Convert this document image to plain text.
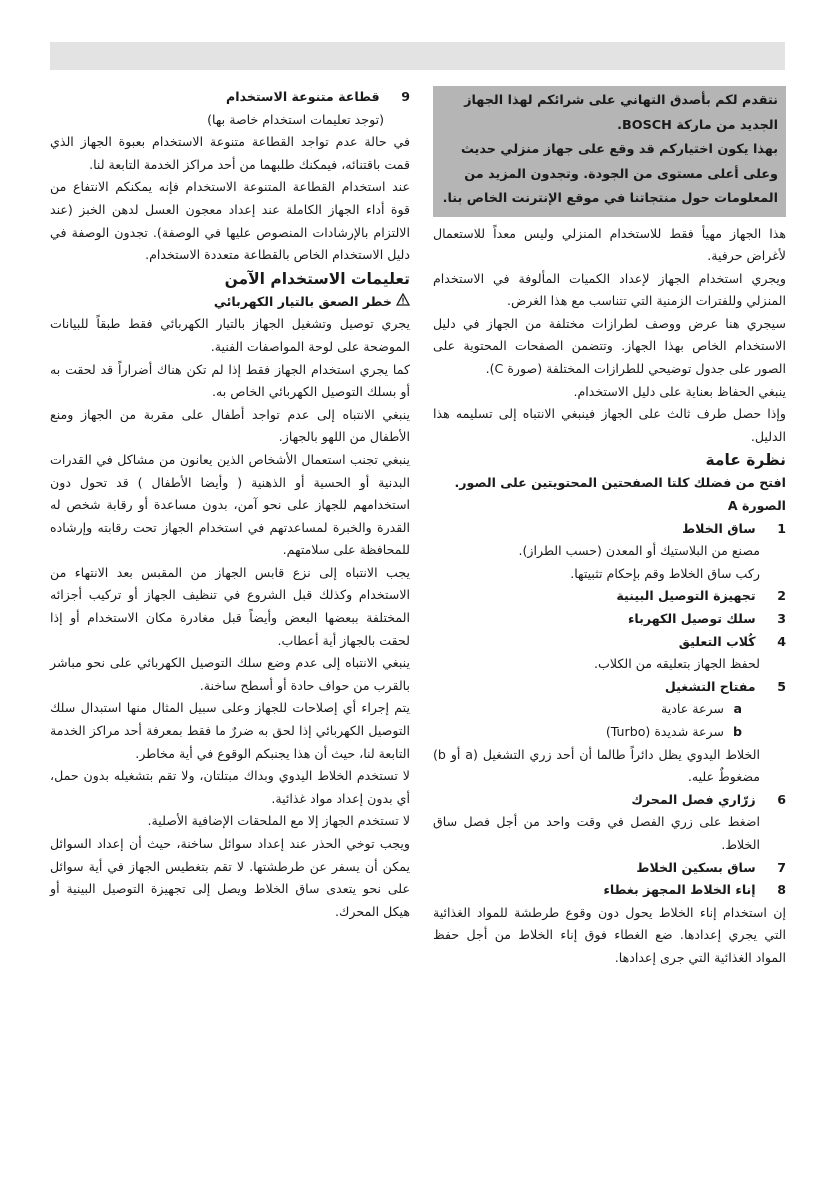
نتقدم لكم بأصدق التهاني على شرائكم لهذا الجهاز

الجديد من ماركة BOSCH.

بهذا يكون اختياركم قد وقع على جهاز منزلي حديث

وعلى أعلى مستوى من الجودة. وتجدون المزيد من

المعلومات حول منتجاتنا في موقع الإنترنت الخاص بنا.

هذا الجهاز مهيأ فقط للاستخدام المنزلي وليس معداً للاستعمال لأغراض حرفية.

ويجري استخدام الجهاز لإعداد الكميات المألوفة في الاستخدام المنزلي وللفترات الزمنية التي تتناسب مع هذا الغرض.

سيجري هنا عرض ووصف لطرازات مختلفة من الجهاز في دليل الاستخدام الخاص بهذا الجهاز. وتتضمن الصفحات المحتوية على الصور على جدول توضيحي للطرازات المختلفة (صورة C).

ينبغي الحفاظ بعناية على دليل الاستخدام.

وإذا حصل طرف ثالث على الجهاز فينبغي الانتباه إلى تسليمه هذا الدليل.

نظرة عامة

افتح من فضلك كلتا الصفحتين المحتويتين على الصور.

الصورة A

1 ساق الخلاط

مصنع من البلاستيك أو المعدن (حسب الطراز).

ركب ساق الخلاط وقم بإحكام تثبيتها.

2 تجهيزة التوصيل البينية

3 سلك توصيل الكهرباء

4 كُلاب التعليق

لحفظ الجهاز بتعليقه من الكلاب.

5 مفتاح التشغيل

aسرعة عادية

bسرعة شديدة (Turbo)

الخلاط اليدوي يظل دائراً طالما أن أحد زري التشغيل (a أو b) مضغوطٌ عليه.

6 زرّاري فصل المحرك

اضغط على زري الفصل في وقت واحد من أجل فصل ساق الخلاط.

7 ساق بسكين الخلاط

8 إناء الخلاط المجهز بغطاء

إن استخدام إناء الخلاط يحول دون وقوع طرطشة للمواد الغذائية التي يجري إعدادها. ضع الغطاء فوق إناء الخلاط من أجل حفظ المواد الغذائية التي جرى إعدادها.

9 قطاعة متنوعة الاستخدام

(توجد تعليمات استخدام خاصة بها)

في حالة عدم تواجد القطاعة متنوعة الاستخدام بعبوة الجهاز الذي قمت باقتنائه، فيمكنك طلبهما من أحد مراكز الخدمة التابعة لنا.

عند استخدام القطاعة المتنوعة الاستخدام فإنه يمكنكم الانتفاع من قوة أداء الجهاز الكاملة عند إعداد معجون العسل لدهن الخبز (عند الالتزام بالإرشادات المنصوص عليها في الوصفة). تجدون الوصفة في دليل الاستخدام الخاص بالقطاعة متعددة الاستخدام.

تعليمات الاستخدام الآمن

خطر الصعق بالتيار الكهربائي

يجري توصيل وتشغيل الجهاز بالتيار الكهربائي فقط طبقاً للبيانات الموضحة على لوحة المواصفات الفنية.

كما يجري استخدام الجهاز فقط إذا لم تكن هناك أضراراً قد لحقت به أو بسلك التوصيل الكهربائي الخاص به.

ينبغي الانتباه إلى عدم تواجد أطفال على مقربة من الجهاز ومنع الأطفال من اللهو بالجهاز.

ينبغي تجنب استعمال الأشخاص الذين يعانون من مشاكل في القدرات البدنية أو الحسية أو الذهنية ( وأيضا الأطفال ) قد تحول دون استخدامهم للجهاز على نحو آمن، بدون مساعدة أو رقابة شخص له القدرة والخبرة لمساعدتهم في استخدام الجهاز تحت رقابته وإرشاده للمحافظة على سلامتهم.

يجب الانتباه إلى نزع قابس الجهاز من المقبس بعد الانتهاء من الاستخدام وكذلك قبل الشروع في تنظيف الجهاز أو تركيب أجزائه المختلفة ببعضها البعض وأيضاً قبل مغادرة مكان الاستخدام أو إذا لحقت بالجهاز أية أعطاب.

ينبغي الانتباه إلى عدم وضع سلك التوصيل الكهربائي على نحو مباشر بالقرب من حواف حادة أو أسطح ساخنة.

يتم إجراء أي إصلاحات للجهاز وعلى سبيل المثال منها استبدال سلك التوصيل الكهربائي إذا لحق به ضررٌ ما فقط بمعرفة أحد مراكز الخدمة التابعة لنا، حيث أن هذا يجنبكم الوقوع في أية مخاطر.

لا تستخدم الخلاط اليدوي وبداك مبتلتان، ولا تقم بتشغيله بدون حمل، أي بدون إعداد مواد غذائية.

لا تستخدم الجهاز إلا مع الملحقات الإضافية الأصلية.

ويجب توخي الحذر عند إعداد سوائل ساخنة، حيث أن إعداد السوائل يمكن أن يسفر عن طرطشتها. لا تقم بتغطيس الجهاز في أية سوائل على نحو يتعدى ساق الخلاط ويصل إلى تجهيزة التوصيل البينية أو هيكل المحرك.
